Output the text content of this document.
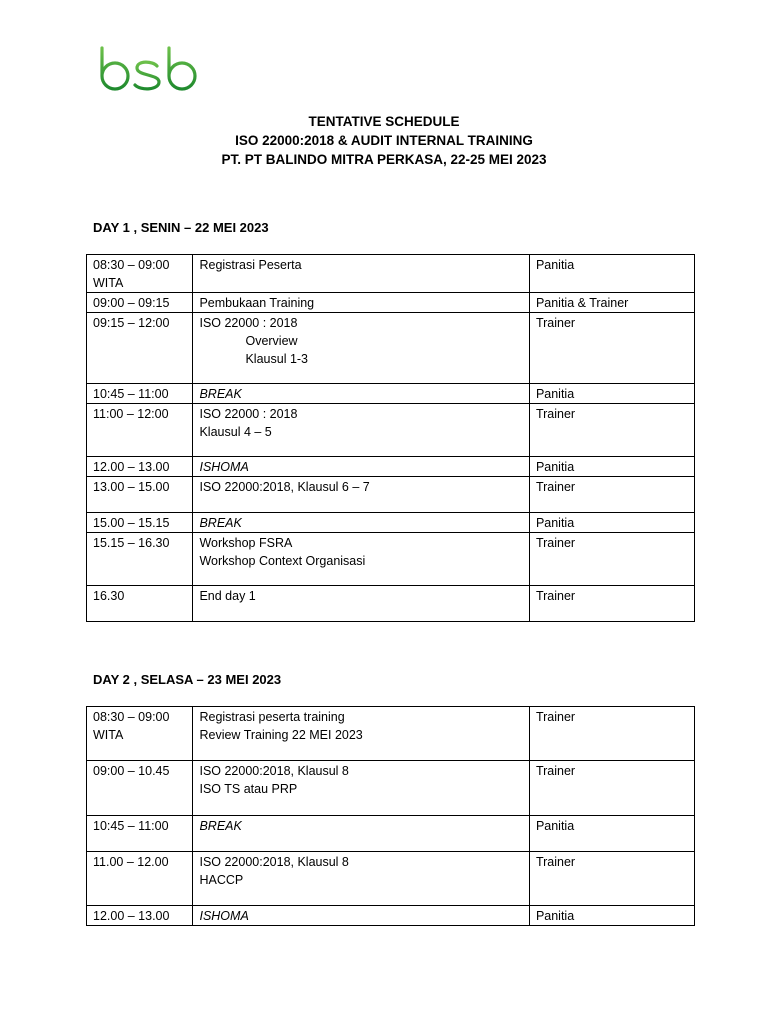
TENTATIVE SCHEDULE
ISO 22000:2018 & AUDIT INTERNAL TRAINING
PT. PT BALINDO MITRA PERKASA, 22-25 MEI 2023
DAY 1 , SENIN – 22 MEI 2023
08:30 – 09:00
WITA	Registrasi Peserta	Panitia

09:00 – 09:15	Pembukaan Training	Panitia & Trainer

09:15 – 12:00	ISO 22000 : 2018
Overview
Klausul 1-3	Trainer

10:45 – 11:00	BREAK	Panitia

11:00 – 12:00	ISO 22000 : 2018
Klausul 4 – 5	Trainer

12.00 – 13.00	ISHOMA	Panitia

13.00 – 15.00	ISO 22000:2018, Klausul 6 – 7	Trainer

15.00 – 15.15	BREAK	Panitia

15.15 – 16.30	Workshop FSRA
Workshop Context Organisasi	Trainer

16.30	End day 1	Trainer
DAY 2 , SELASA – 23 MEI 2023
08:30 – 09:00
WITA	Registrasi peserta training
Review Training 22 MEI 2023	Trainer

09:00 – 10.45	ISO 22000:2018, Klausul 8
ISO TS atau PRP	Trainer

10:45 – 11:00	BREAK	Panitia

11.00 – 12.00	ISO 22000:2018, Klausul 8
HACCP	Trainer

12.00 – 13.00	ISHOMA	Panitia
